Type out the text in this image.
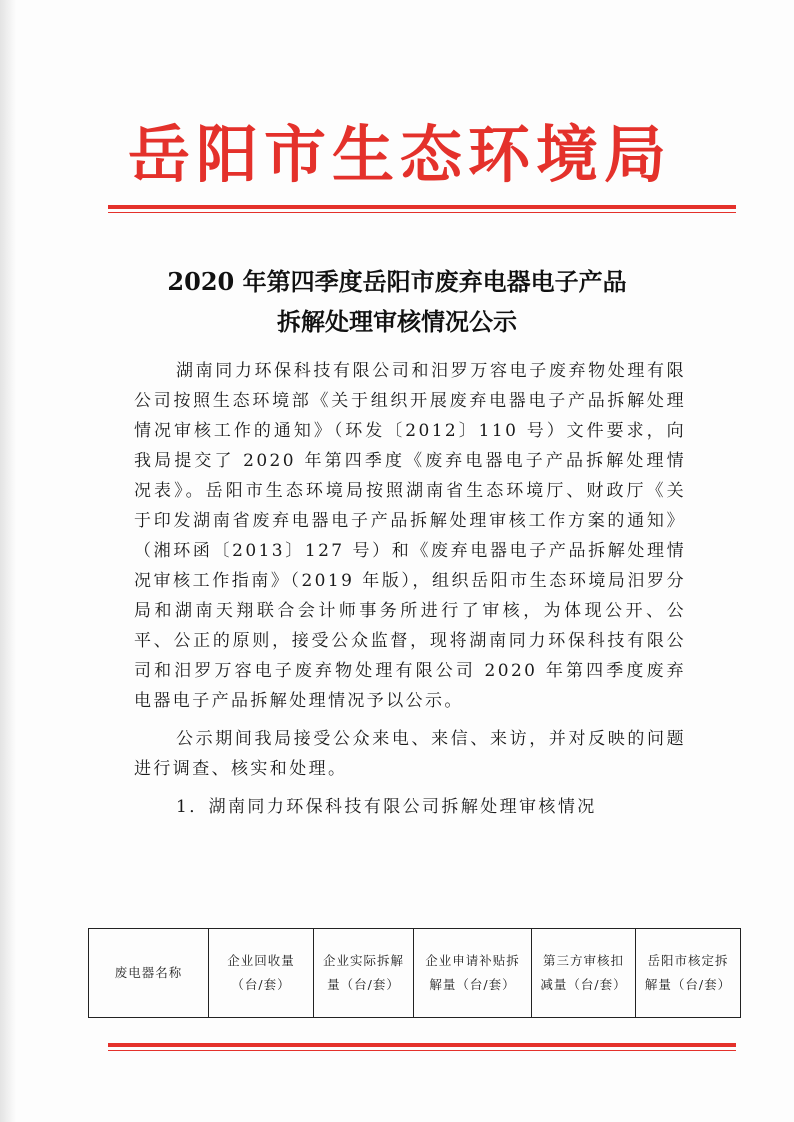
岳阳市生态环境局
2020 年第四季度岳阳市废弃电器电子产品
拆解处理审核情况公示

湖南同力环保科技有限公司和汨罗万容电子废弃物处理有限公司按照生态环境部《关于组织开展废弃电器电子产品拆解处理情况审核工作的通知》（环发〔2012〕110 号）文件要求，向我局提交了 2020 年第四季度《废弃电器电子产品拆解处理情况表》。岳阳市生态环境局按照湖南省生态环境厅、财政厅《关于印发湖南省废弃电器电子产品拆解处理审核工作方案的通知》（湘环函〔2013〕127 号）和《废弃电器电子产品拆解处理情况审核工作指南》（2019 年版），组织岳阳市生态环境局汨罗分局和湖南天翔联合会计师事务所进行了审核，为体现公开、公平、公正的原则，接受公众监督，现将湖南同力环保科技有限公司和汨罗万容电子废弃物处理有限公司 2020 年第四季度废弃电器电子产品拆解处理情况予以公示。

公示期间我局接受公众来电、来信、来访，并对反映的问题进行调查、核实和处理。

1．湖南同力环保科技有限公司拆解处理审核情况

废电器名称	企业回收量（台/套）	企业实际拆解量（台/套）	企业申请补贴拆解量（台/套）	第三方审核扣减量（台/套）	岳阳市核定拆解量（台/套）
